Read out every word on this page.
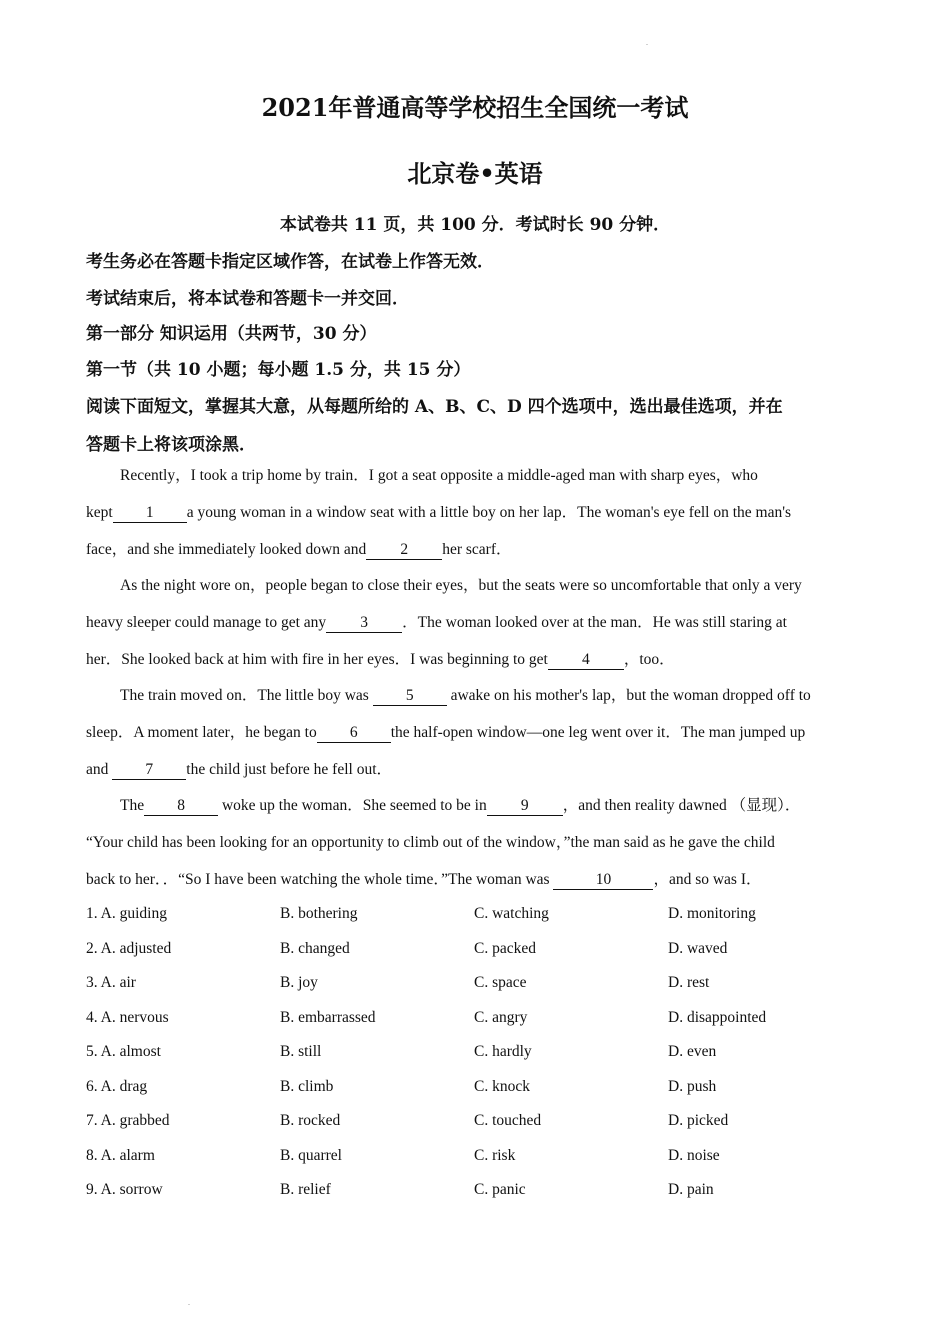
.
.
2021年普通高等学校招生全国统一考试
北京卷•英语
本试卷共 11 页，共 100 分．考试时长 90 分钟．
考生务必在答题卡指定区域作答，在试卷上作答无效．
考试结束后，将本试卷和答题卡一并交回．
第一部分 知识运用（共两节，30 分）
第一节（共 10 小题；每小题 1.5 分，共 15 分）
阅读下面短文，掌握其大意，从每题所给的 A、B、C、D 四个选项中，选出最佳选项，并在
答题卡上将该项涂黑．
Recently，I took a trip home by train．I got a seat opposite a middle-aged man with sharp eyes，who
kept 1 a young woman in a window seat with a little boy on her lap．The woman's eye fell on the man's
face，and she immediately looked down and 2 her scarf．
As the night wore on，people began to close their eyes，but the seats were so uncomfortable that only a very
heavy sleeper could manage to get any 3 ．The woman looked over at the man．He was still staring at
her．She looked back at him with fire in her eyes．I was beginning to get 4 ，too．
The train moved on．The little boy was 5 awake on his mother's lap，but the woman dropped off to
sleep．A moment later，he began to 6 the half-open window—one leg went over it．The man jumped up
and 7 the child just before he fell out．
The 8 woke up the woman．She seemed to be in 9 ，and then reality dawned （显现）．
“Your child has been looking for an opportunity to climb out of the window，”the man said as he gave the child
back to her．．“So I have been watching the whole time．”The woman was	10	，and so was I．
1. A. guiding	B. bothering	C. watching	D. monitoring
2. A. adjusted	B. changed	C. packed	D. waved
3. A. air	B. joy	C. space	D. rest
4. A. nervous	B. embarrassed	C. angry	D. disappointed
5. A. almost	B. still	C. hardly	D. even
6. A. drag	B. climb	C. knock	D. push
7. A. grabbed	B. rocked	C. touched	D. picked
8. A. alarm	B. quarrel	C. risk	D. noise
9. A. sorrow	B. relief	C. panic	D. pain
